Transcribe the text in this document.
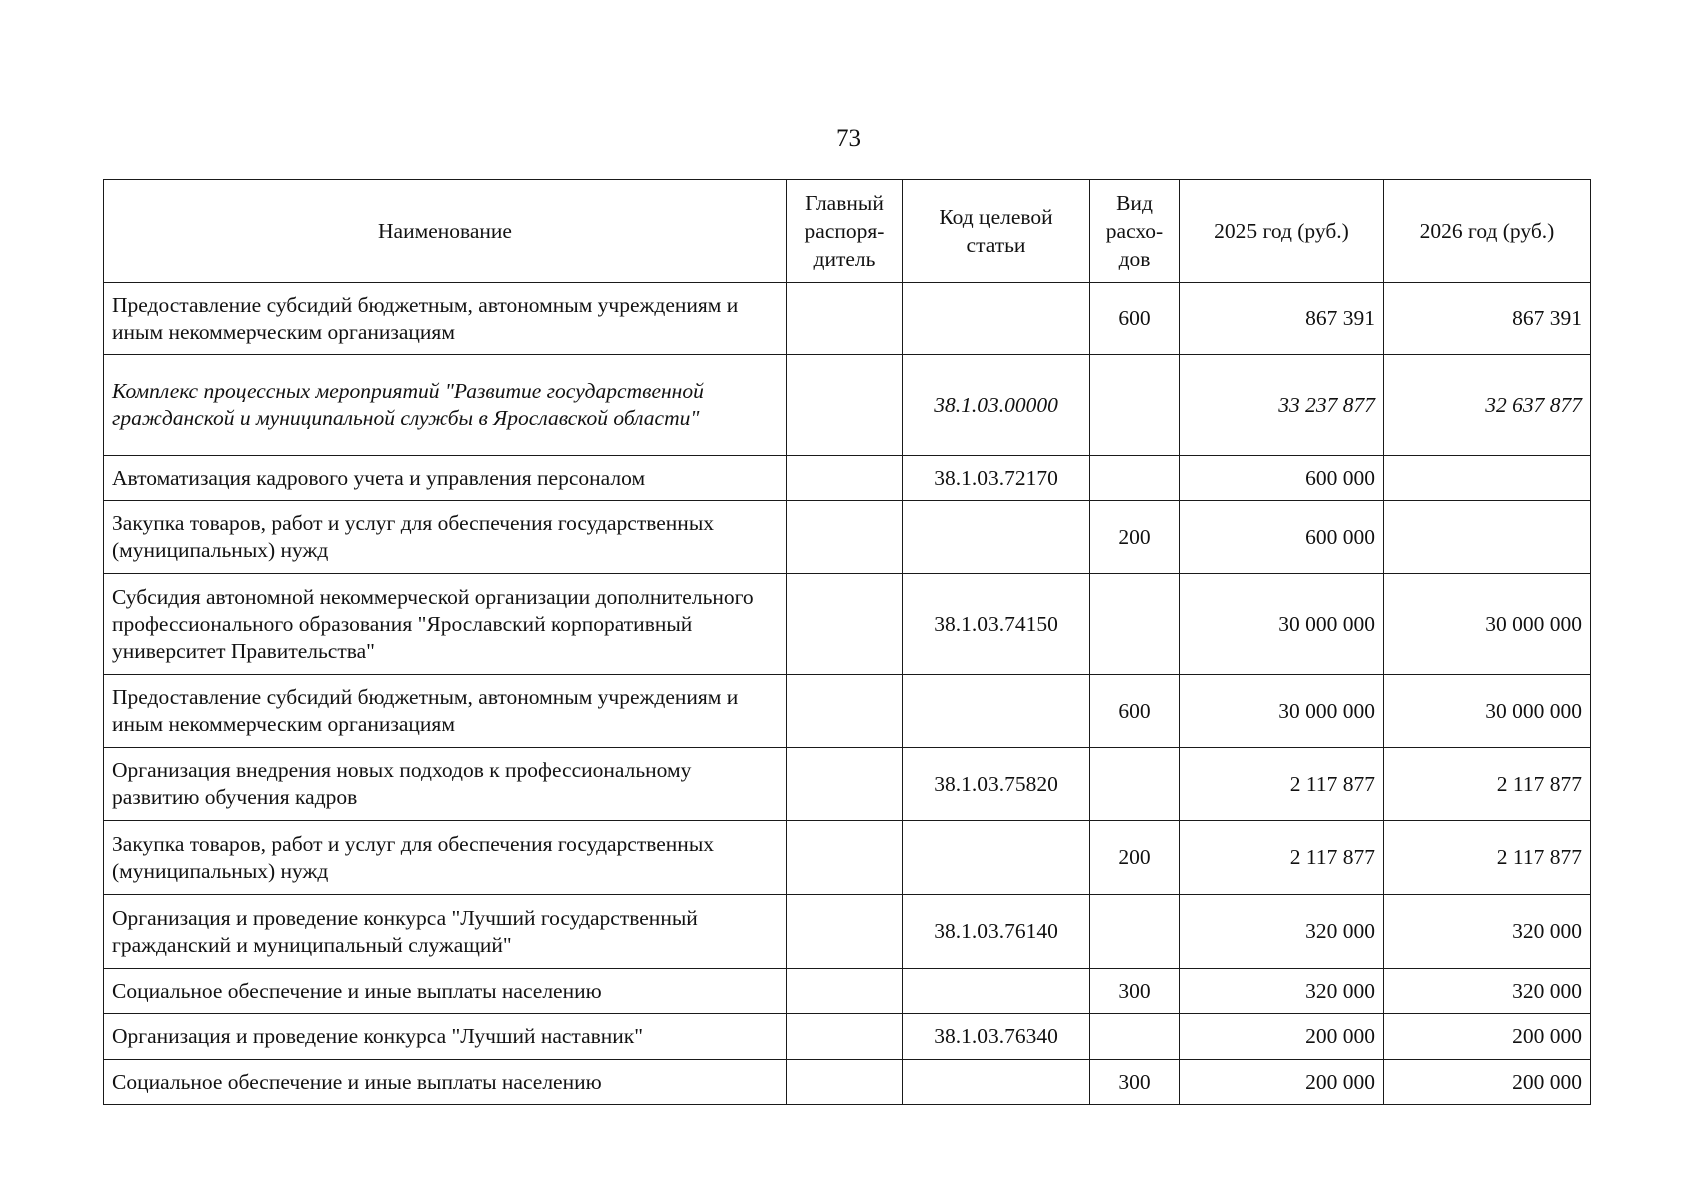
73
Наименование	Главный распоря-дитель	Код целевой статьи	Вид расхо-дов	2025 год (руб.)	2026 год (руб.)
Предоставление субсидий бюджетным, автономным учреждениям и иным некоммерческим организациям			600	867 391	867 391
Комплекс процессных мероприятий "Развитие государственной гражданской и муниципальной службы в Ярославской области"		38.1.03.00000		33 237 877	32 637 877
Автоматизация кадрового учета и управления персоналом		38.1.03.72170		600 000	
Закупка товаров, работ и услуг для обеспечения государственных (муниципальных) нужд			200	600 000	
Субсидия автономной некоммерческой организации дополнительного профессионального образования "Ярославский корпоративный университет Правительства"		38.1.03.74150		30 000 000	30 000 000
Предоставление субсидий бюджетным, автономным учреждениям и иным некоммерческим организациям			600	30 000 000	30 000 000
Организация внедрения новых подходов к профессиональному развитию обучения кадров		38.1.03.75820		2 117 877	2 117 877
Закупка товаров, работ и услуг для обеспечения государственных (муниципальных) нужд			200	2 117 877	2 117 877
Организация и проведение конкурса "Лучший государственный гражданский и муниципальный служащий"		38.1.03.76140		320 000	320 000
Социальное обеспечение и иные выплаты населению			300	320 000	320 000
Организация и проведение конкурса "Лучший наставник"		38.1.03.76340		200 000	200 000
Социальное обеспечение и иные выплаты населению			300	200 000	200 000
